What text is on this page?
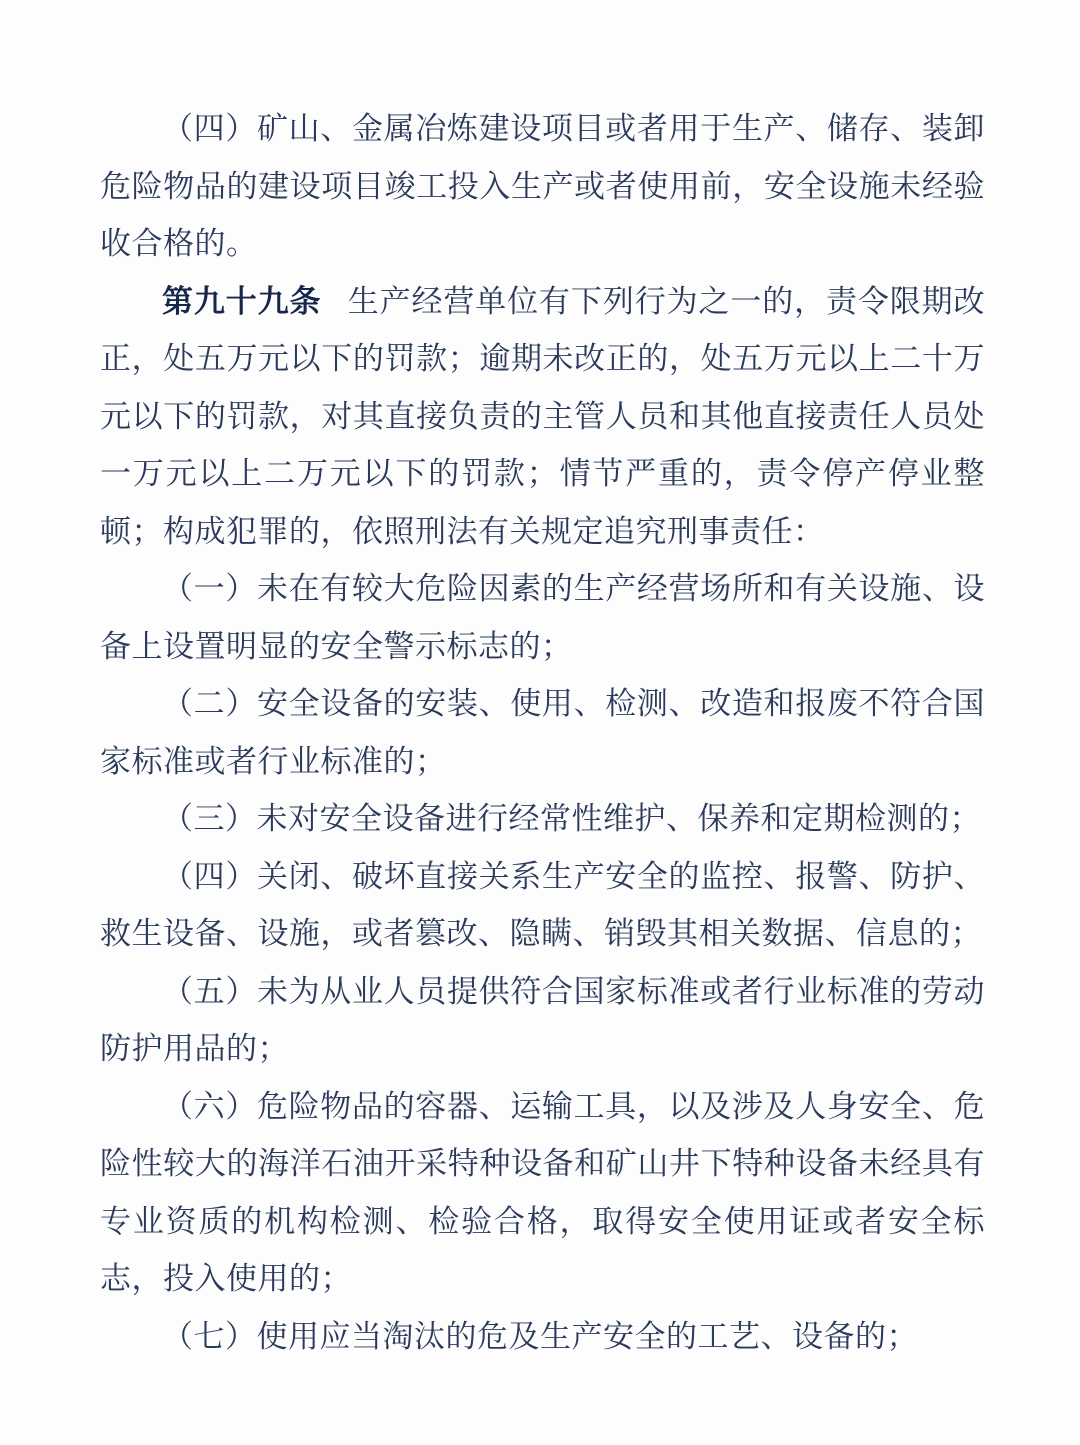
（四）矿山、金属冶炼建设项目或者用于生产、储存、装卸危险物品的建设项目竣工投入生产或者使用前，安全设施未经验收合格的。

第九十九条 生产经营单位有下列行为之一的，责令限期改正，处五万元以下的罚款；逾期未改正的，处五万元以上二十万元以下的罚款，对其直接负责的主管人员和其他直接责任人员处一万元以上二万元以下的罚款；情节严重的，责令停产停业整顿；构成犯罪的，依照刑法有关规定追究刑事责任：

（一）未在有较大危险因素的生产经营场所和有关设施、设备上设置明显的安全警示标志的；

（二）安全设备的安装、使用、检测、改造和报废不符合国家标准或者行业标准的；

（三）未对安全设备进行经常性维护、保养和定期检测的；

（四）关闭、破坏直接关系生产安全的监控、报警、防护、救生设备、设施，或者篡改、隐瞒、销毁其相关数据、信息的；

（五）未为从业人员提供符合国家标准或者行业标准的劳动防护用品的；

（六）危险物品的容器、运输工具，以及涉及人身安全、危险性较大的海洋石油开采特种设备和矿山井下特种设备未经具有专业资质的机构检测、检验合格，取得安全使用证或者安全标志，投入使用的；

（七）使用应当淘汰的危及生产安全的工艺、设备的；
